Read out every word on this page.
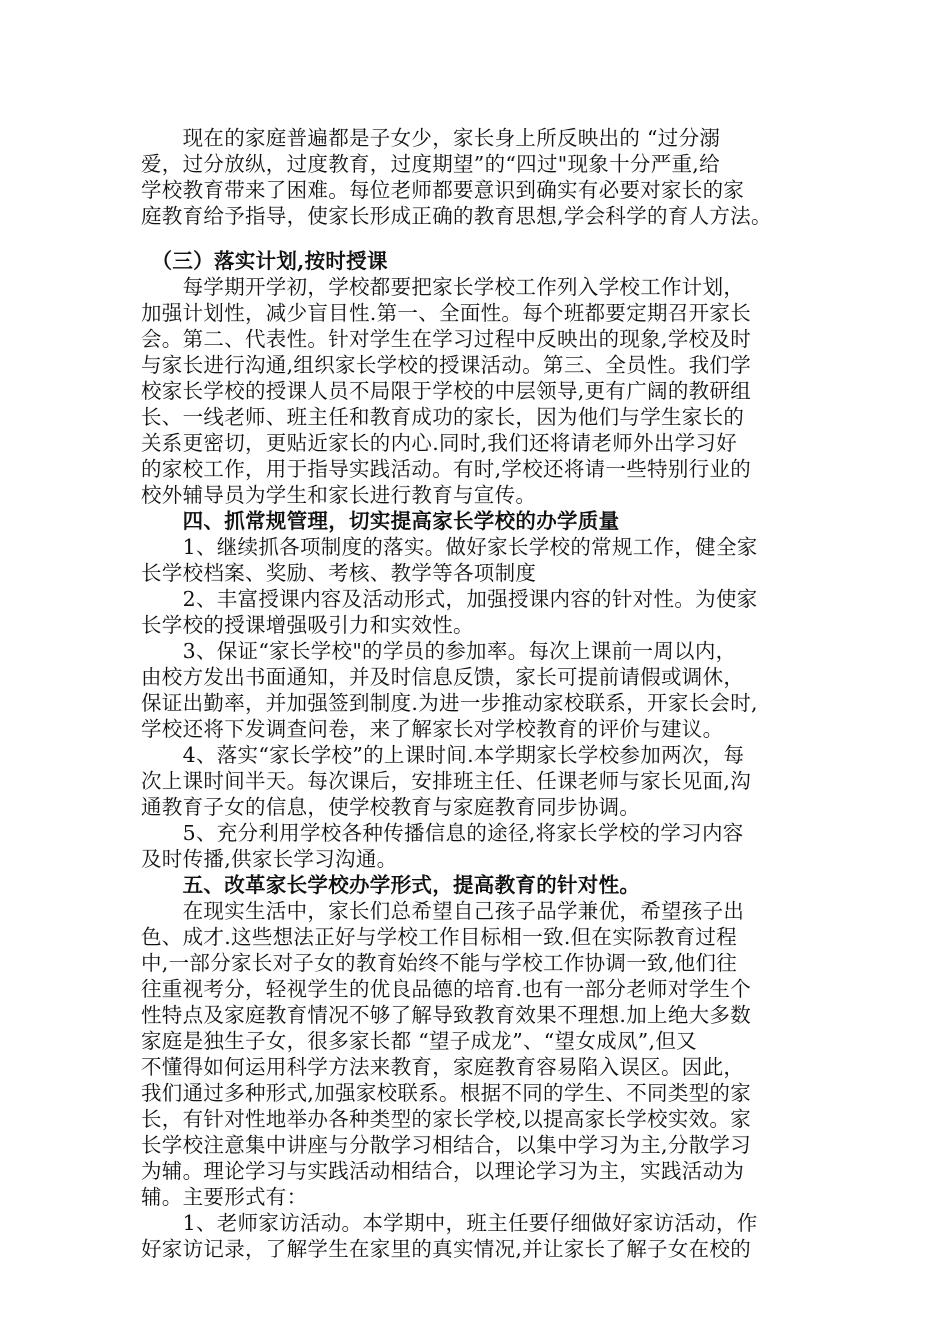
　　现在的家庭普遍都是子女少，家长身上所反映出的 “过分溺
爱，过分放纵，过度教育，过度期望”的“四过"现象十分严重,给
学校教育带来了困难。每位老师都要意识到确实有必要对家长的家
庭教育给予指导，使家长形成正确的教育思想,学会科学的育人方法。
　（三）落实计划,按时授课
　　每学期开学初，学校都要把家长学校工作列入学校工作计划，
加强计划性，减少盲目性.第一、全面性。每个班都要定期召开家长
会。第二、代表性。针对学生在学习过程中反映出的现象,学校及时
与家长进行沟通,组织家长学校的授课活动。第三、全员性。我们学
校家长学校的授课人员不局限于学校的中层领导,更有广阔的教研组
长、一线老师、班主任和教育成功的家长，因为他们与学生家长的
关系更密切，更贴近家长的内心.同时,我们还将请老师外出学习好
的家校工作，用于指导实践活动。有时,学校还将请一些特别行业的
校外辅导员为学生和家长进行教育与宣传。
　　四、抓常规管理，切实提高家长学校的办学质量
　　1、继续抓各项制度的落实。做好家长学校的常规工作，健全家
长学校档案、奖励、考核、教学等各项制度
　　2、丰富授课内容及活动形式，加强授课内容的针对性。为使家
长学校的授课增强吸引力和实效性。
　　3、保证“家长学校"的学员的参加率。每次上课前一周以内，
由校方发出书面通知，并及时信息反馈，家长可提前请假或调休，
保证出勤率，并加强签到制度.为进一步推动家校联系，开家长会时,
学校还将下发调查问卷，来了解家长对学校教育的评价与建议。
　　4、落实“家长学校”的上课时间.本学期家长学校参加两次，每
次上课时间半天。每次课后，安排班主任、任课老师与家长见面,沟
通教育子女的信息，使学校教育与家庭教育同步协调。
　　5、充分利用学校各种传播信息的途径,将家长学校的学习内容
及时传播,供家长学习沟通。
　　五、改革家长学校办学形式，提高教育的针对性。
　　在现实生活中，家长们总希望自己孩子品学兼优，希望孩子出
色、成才.这些想法正好与学校工作目标相一致.但在实际教育过程
中,一部分家长对子女的教育始终不能与学校工作协调一致,他们往
往重视考分，轻视学生的优良品德的培育.也有一部分老师对学生个
性特点及家庭教育情况不够了解导致教育效果不理想.加上绝大多数
家庭是独生子女，很多家长都 “望子成龙”、“望女成凤”,但又
不懂得如何运用科学方法来教育，家庭教育容易陷入误区。因此，
我们通过多种形式,加强家校联系。根据不同的学生、不同类型的家
长，有针对性地举办各种类型的家长学校,以提高家长学校实效。家
长学校注意集中讲座与分散学习相结合，以集中学习为主,分散学习
为辅。理论学习与实践活动相结合，以理论学习为主，实践活动为
辅。主要形式有：
　　1、老师家访活动。本学期中，班主任要仔细做好家访活动，作
好家访记录，了解学生在家里的真实情况,并让家长了解子女在校的
